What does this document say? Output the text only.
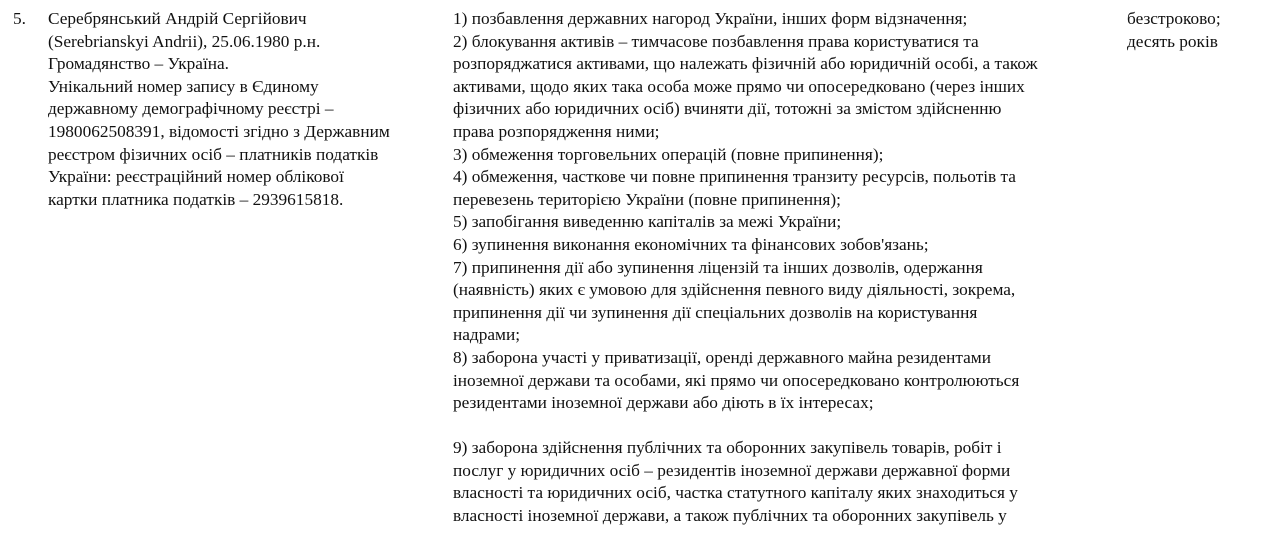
5. Серебрянський Андрій Сергійович
(Serebrianskyi Andrii), 25.06.1980 р.н.
Громадянство – Україна.
Унікальний номер запису в Єдиному
державному демографічному реєстрі –
1980062508391, відомості згідно з Державним
реєстром фізичних осіб – платників податків
України: реєстраційний номер облікової
картки платника податків – 2939615818.
1) позбавлення державних нагород України, інших форм відзначення;
2) блокування активів – тимчасове позбавлення права користуватися та
розпоряджатися активами, що належать фізичній або юридичній особі, а також
активами, щодо яких така особа може прямо чи опосередковано (через інших
фізичних або юридичних осіб) вчиняти дії, тотожні за змістом здійсненню
права розпорядження ними;
3) обмеження торговельних операцій (повне припинення);
4) обмеження, часткове чи повне припинення транзиту ресурсів, польотів та
перевезень територією України (повне припинення);
5) запобігання виведенню капіталів за межі України;
6) зупинення виконання економічних та фінансових зобов'язань;
7) припинення дії або зупинення ліцензій та інших дозволів, одержання
(наявність) яких є умовою для здійснення певного виду діяльності, зокрема,
припинення дії чи зупинення дії спеціальних дозволів на користування
надрами;
8) заборона участі у приватизації, оренді державного майна резидентами
іноземної держави та особами, які прямо чи опосередковано контролюються
резидентами іноземної держави або діють в їх інтересах;
9) заборона здійснення публічних та оборонних закупівель товарів, робіт і
послуг у юридичних осіб – резидентів іноземної держави державної форми
власності та юридичних осіб, частка статутного капіталу яких знаходиться у
власності іноземної держави, а також публічних та оборонних закупівель у
безстроково;
десять років
